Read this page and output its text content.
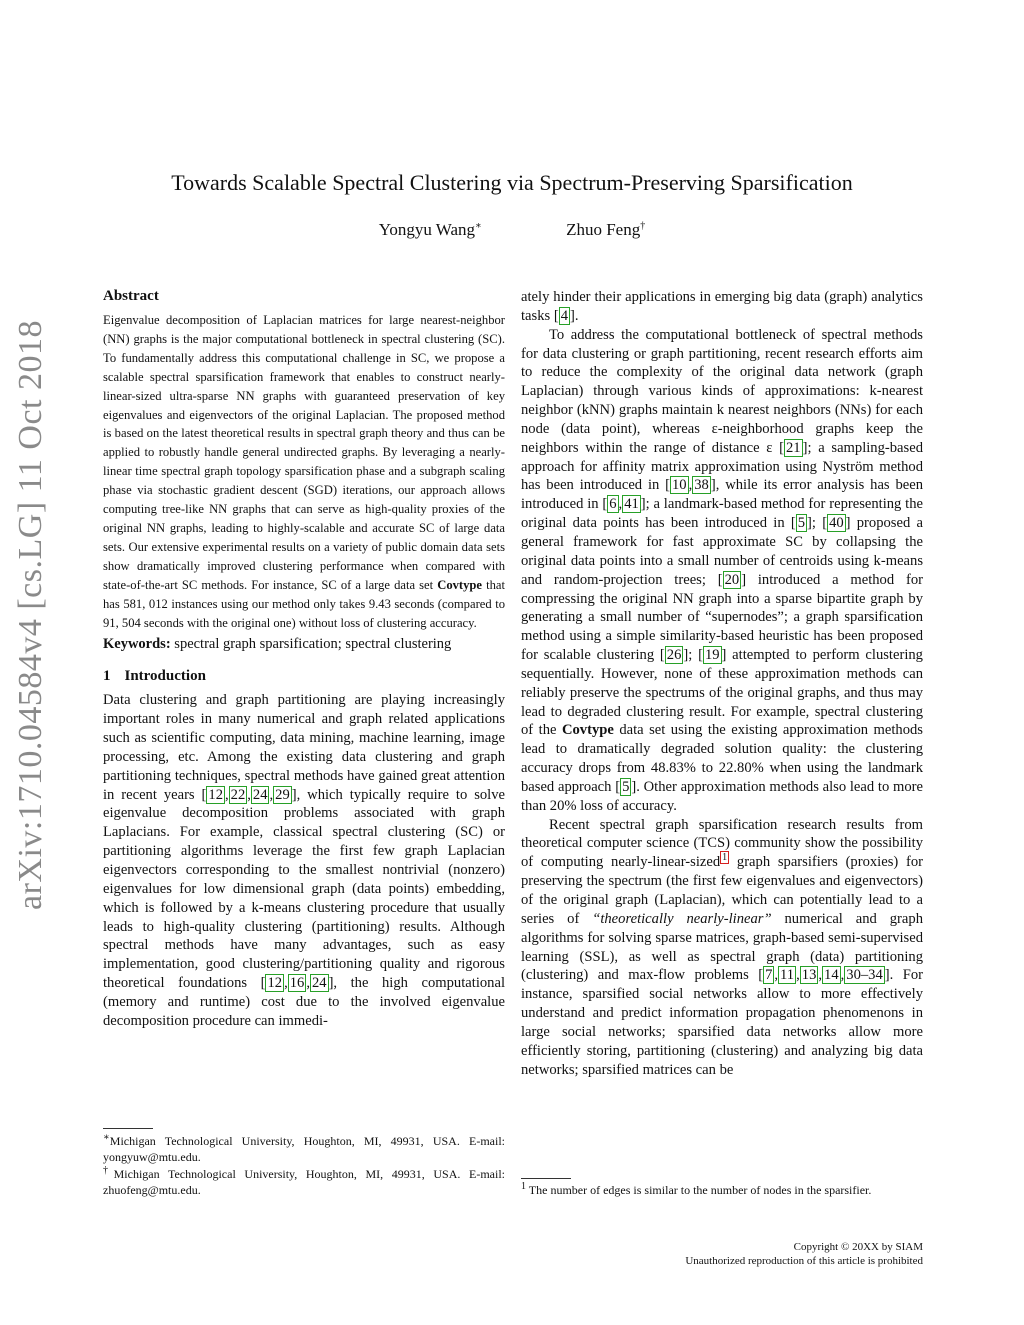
arXiv:1710.04584v4 [cs.LG] 11 Oct 2018
Towards Scalable Spectral Clustering via Spectrum-Preserving Sparsification
Yongyu Wang∗	Zhuo Feng†
Abstract

Eigenvalue decomposition of Laplacian matrices for large nearest-neighbor (NN) graphs is the major computational bottleneck in spectral clustering (SC). To fundamentally address this computational challenge in SC, we propose a scalable spectral sparsification framework that enables to construct nearly-linear-sized ultra-sparse NN graphs with guaranteed preservation of key eigenvalues and eigenvectors of the original Laplacian. The proposed method is based on the latest theoretical results in spectral graph theory and thus can be applied to robustly handle general undirected graphs. By leveraging a nearly-linear time spectral graph topology sparsification phase and a subgraph scaling phase via stochastic gradient descent (SGD) iterations, our approach allows computing tree-like NN graphs that can serve as high-quality proxies of the original NN graphs, leading to highly-scalable and accurate SC of large data sets. Our extensive experimental results on a variety of public domain data sets show dramatically improved clustering performance when compared with state-of-the-art SC methods. For instance, SC of a large data set Covtype that has 581, 012 instances using our method only takes 9.43 seconds (compared to 91, 504 seconds with the original one) without loss of clustering accuracy.

Keywords: spectral graph sparsification; spectral clustering

1 Introduction

Data clustering and graph partitioning are playing increasingly important roles in many numerical and graph related applications such as scientific computing, data mining, machine learning, image processing, etc. Among the existing data clustering and graph partitioning techniques, spectral methods have gained great attention in recent years [ 12 , 22 , 24 , 29 ], which typically require to solve eigenvalue decomposition problems associated with graph Laplacians. For example, classical spectral clustering (SC) or partitioning algorithms leverage the first few graph Laplacian eigenvectors corresponding to the smallest nontrivial (nonzero) eigenvalues for low dimensional graph (data points) embedding, which is followed by a k-means clustering procedure that usually leads to high-quality clustering (partitioning) results. Although spectral methods have many advantages, such as easy implementation, good clustering/partitioning quality and rigorous theoretical foundations [ 12 , 16 , 24 ], the high computational (memory and runtime) cost due to the involved eigenvalue decomposition procedure can immedi-

ately hinder their applications in emerging big data (graph) analytics tasks [ 4 ].

To address the computational bottleneck of spectral methods for data clustering or graph partitioning, recent research efforts aim to reduce the complexity of the original data network (graph Laplacian) through various kinds of approximations: k-nearest neighbor (kNN) graphs maintain k nearest neighbors (NNs) for each node (data point), whereas ε-neighborhood graphs keep the neighbors within the range of distance ε [ 21 ]; a sampling-based approach for affinity matrix approximation using Nyström method has been introduced in [ 10 , 38 ], while its error analysis has been introduced in [ 6 , 41 ]; a landmark-based method for representing the original data points has been introduced in [ 5 ]; [ 40 ] proposed a general framework for fast approximate SC by collapsing the original data points into a small number of centroids using k-means and random-projection trees; [ 20 ] introduced a method for compressing the original NN graph into a sparse bipartite graph by generating a small number of “supernodes”; a graph sparsification method using a simple similarity-based heuristic has been proposed for scalable clustering [ 26 ]; [ 19 ] attempted to perform clustering sequentially. However, none of these approximation methods can reliably preserve the spectrums of the original graphs, and thus may lead to degraded clustering result. For example, spectral clustering of the Covtype data set using the existing approximation methods lead to dramatically degraded solution quality: the clustering accuracy drops from 48.83% to 22.80% when using the landmark based approach [ 5 ]. Other approximation methods also lead to more than 20% loss of accuracy.

Recent spectral graph sparsification research results from theoretical computer science (TCS) community show the possibility of computing nearly-linear-sized $^1$ graph sparsifiers (proxies) for preserving the spectrum (the first few eigenvalues and eigenvectors) of the original graph (Laplacian), which can potentially lead to a series of “theoretically nearly-linear” numerical and graph algorithms for solving sparse matrices, graph-based semi-supervised learning (SSL), as well as spectral graph (data) partitioning (clustering) and max-flow problems [ 7 , 11 , 13 , 14 , 30–34 ]. For instance, sparsified social networks allow to more effectively understand and predict information propagation phenomenons in large social networks; sparsified data networks allow more efficiently storing, partitioning (clustering) and analyzing big data networks; sparsified matrices can be

∗Michigan Technological University, Houghton, MI, 49931, USA. E-mail: yongyuw@mtu.edu.

†Michigan Technological University, Houghton, MI, 49931, USA. E-mail: zhuofeng@mtu.edu.	$^1$ The number of edges is similar to the number of nodes in the sparsifier.
Copyright © 20XX by SIAM
Unauthorized reproduction of this article is prohibited
